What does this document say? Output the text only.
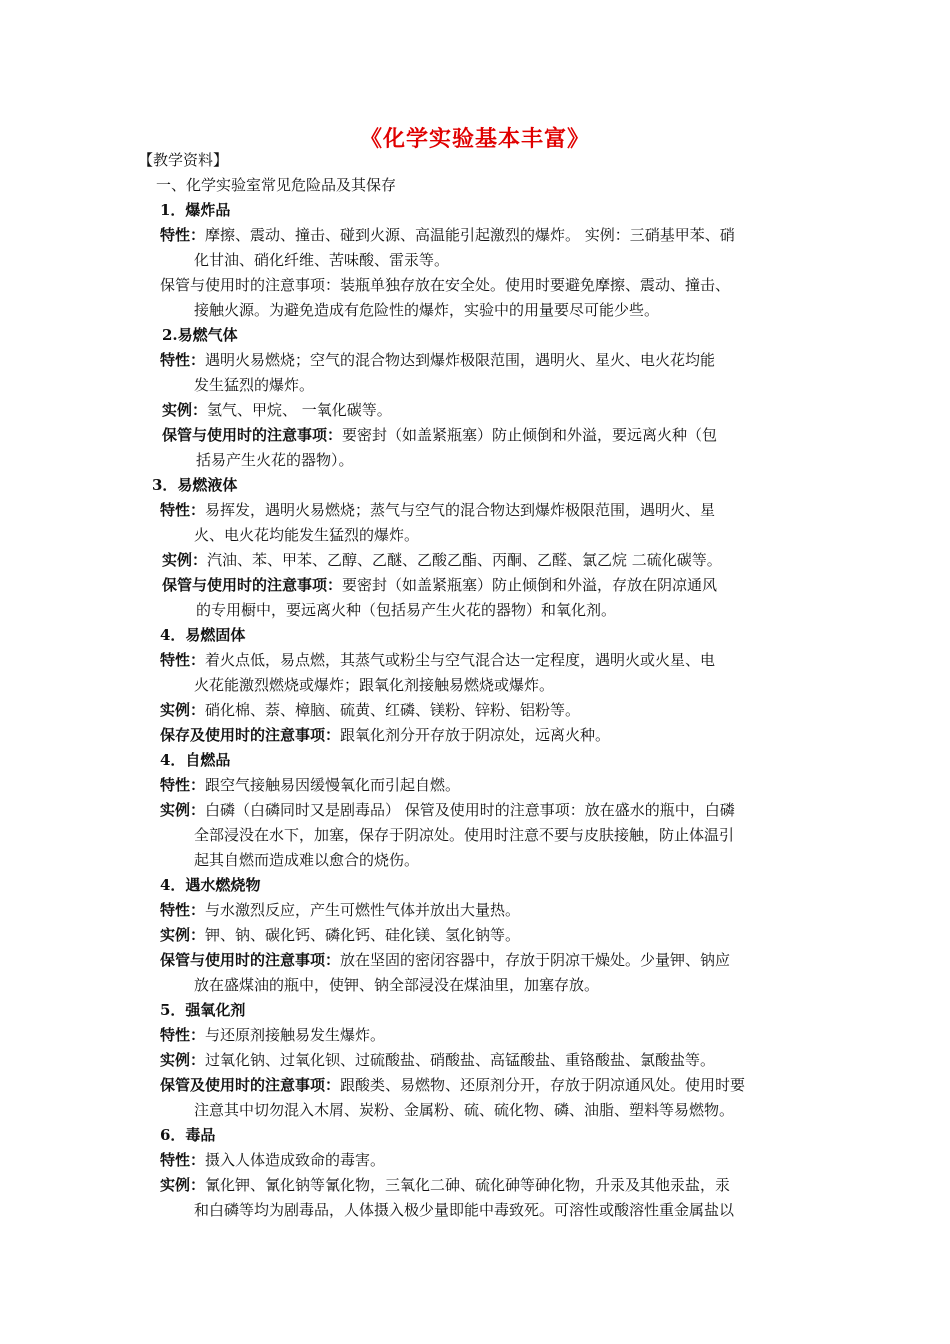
《化学实验基本丰富》
【教学资料】
一、化学实验室常见危险品及其保存
1．爆炸品
特性：摩擦、震动、撞击、碰到火源、高温能引起激烈的爆炸。 实例：三硝基甲苯、硝
化甘油、硝化纤维、苦味酸、雷汞等。
保管与使用时的注意事项：装瓶单独存放在安全处。使用时要避免摩擦、震动、撞击、
接触火源。为避免造成有危险性的爆炸，实验中的用量要尽可能少些。
2.易燃气体
特性：遇明火易燃烧；空气的混合物达到爆炸极限范围，遇明火、星火、电火花均能
发生猛烈的爆炸。
实例：氢气、甲烷、 一氧化碳等。
保管与使用时的注意事项：要密封（如盖紧瓶塞）防止倾倒和外溢，要远离火种（包
括易产生火花的器物）。
3．易燃液体
特性：易挥发，遇明火易燃烧；蒸气与空气的混合物达到爆炸极限范围，遇明火、星
火、电火花均能发生猛烈的爆炸。
实例：汽油、苯、甲苯、乙醇、乙醚、乙酸乙酯、丙酮、乙醛、氯乙烷 二硫化碳等。
保管与使用时的注意事项：要密封（如盖紧瓶塞）防止倾倒和外溢，存放在阴凉通风
的专用橱中，要远离火种（包括易产生火花的器物）和氧化剂。
4．易燃固体
特性：着火点低，易点燃，其蒸气或粉尘与空气混合达一定程度，遇明火或火星、电
火花能激烈燃烧或爆炸；跟氧化剂接触易燃烧或爆炸。
实例：硝化棉、萘、樟脑、硫黄、红磷、镁粉、锌粉、铝粉等。
保存及使用时的注意事项：跟氧化剂分开存放于阴凉处，远离火种。
4．自燃品
特性：跟空气接触易因缓慢氧化而引起自燃。
实例：白磷（白磷同时又是剧毒品） 保管及使用时的注意事项：放在盛水的瓶中，白磷
全部浸没在水下，加塞，保存于阴凉处。使用时注意不要与皮肤接触，防止体温引
起其自燃而造成难以愈合的烧伤。
4．遇水燃烧物
特性：与水激烈反应，产生可燃性气体并放出大量热。
实例：钾、钠、碳化钙、磷化钙、硅化镁、氢化钠等。
保管与使用时的注意事项：放在坚固的密闭容器中，存放于阴凉干燥处。少量钾、钠应
放在盛煤油的瓶中，使钾、钠全部浸没在煤油里，加塞存放。
5．强氧化剂
特性：与还原剂接触易发生爆炸。
实例：过氧化钠、过氧化钡、过硫酸盐、硝酸盐、高锰酸盐、重铬酸盐、氯酸盐等。
保管及使用时的注意事项：跟酸类、易燃物、还原剂分开，存放于阴凉通风处。使用时要
注意其中切勿混入木屑、炭粉、金属粉、硫、硫化物、磷、油脂、塑料等易燃物。
6．毒品
特性：摄入人体造成致命的毒害。
实例：氰化钾、氰化钠等氰化物，三氧化二砷、硫化砷等砷化物，升汞及其他汞盐，汞
和白磷等均为剧毒品，人体摄入极少量即能中毒致死。可溶性或酸溶性重金属盐以
